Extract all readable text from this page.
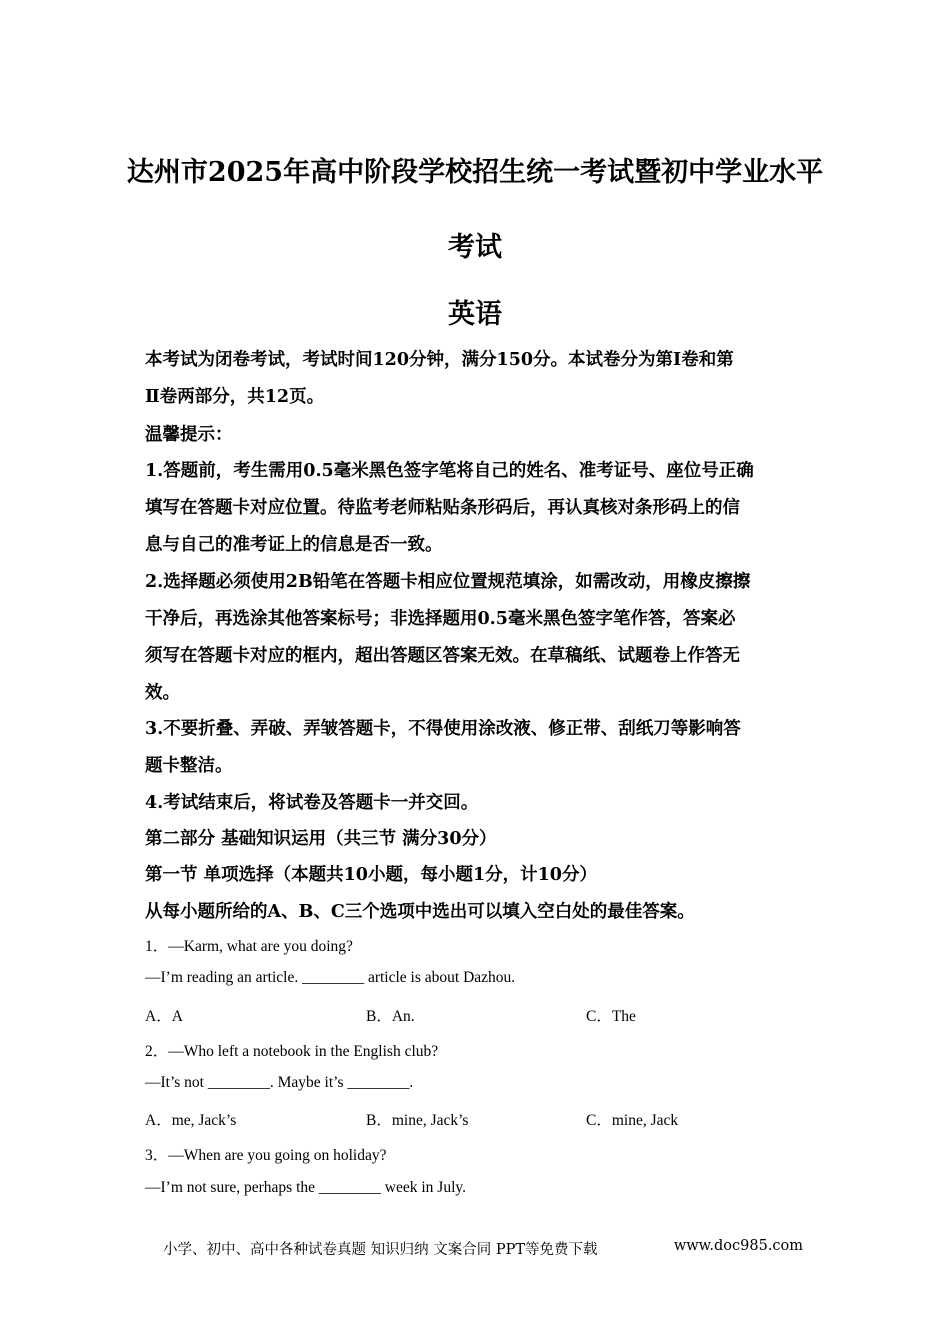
达州市2025年高中阶段学校招生统一考试暨初中学业水平
考试
英语
本考试为闭卷考试，考试时间120分钟，满分150分。本试卷分为第Ⅰ卷和第
Ⅱ卷两部分，共12页。
温馨提示：
1.答题前，考生需用0.5毫米黑色签字笔将自己的姓名、准考证号、座位号正确
填写在答题卡对应位置。待监考老师粘贴条形码后，再认真核对条形码上的信
息与自己的准考证上的信息是否一致。
2.选择题必须使用2B铅笔在答题卡相应位置规范填涂，如需改动，用橡皮擦擦
干净后，再选涂其他答案标号；非选择题用0.5毫米黑色签字笔作答，答案必
须写在答题卡对应的框内，超出答题区答案无效。在草稿纸、试题卷上作答无
效。
3.不要折叠、弄破、弄皱答题卡，不得使用涂改液、修正带、刮纸刀等影响答
题卡整洁。
4.考试结束后，将试卷及答题卡一并交回。
第二部分 基础知识运用（共三节 满分30分）
第一节 单项选择（本题共10小题，每小题1分，计10分）
从每小题所给的A、B、C三个选项中选出可以填入空白处的最佳答案。
1．—Karm, what are you doing?
—I’m reading an article. ________ article is about Dazhou.
A．A	B．An.	C．The
2．—Who left a notebook in the English club?
—It’s not ________. Maybe it’s ________.
A．me, Jack’s	B．mine, Jack’s	C．mine, Jack
3．—When are you going on holiday?
—I’m not sure, perhaps the ________ week in July.
小学、初中、高中各种试卷真题 知识归纳 文案合同 PPT等免费下载	www.doc985.com
